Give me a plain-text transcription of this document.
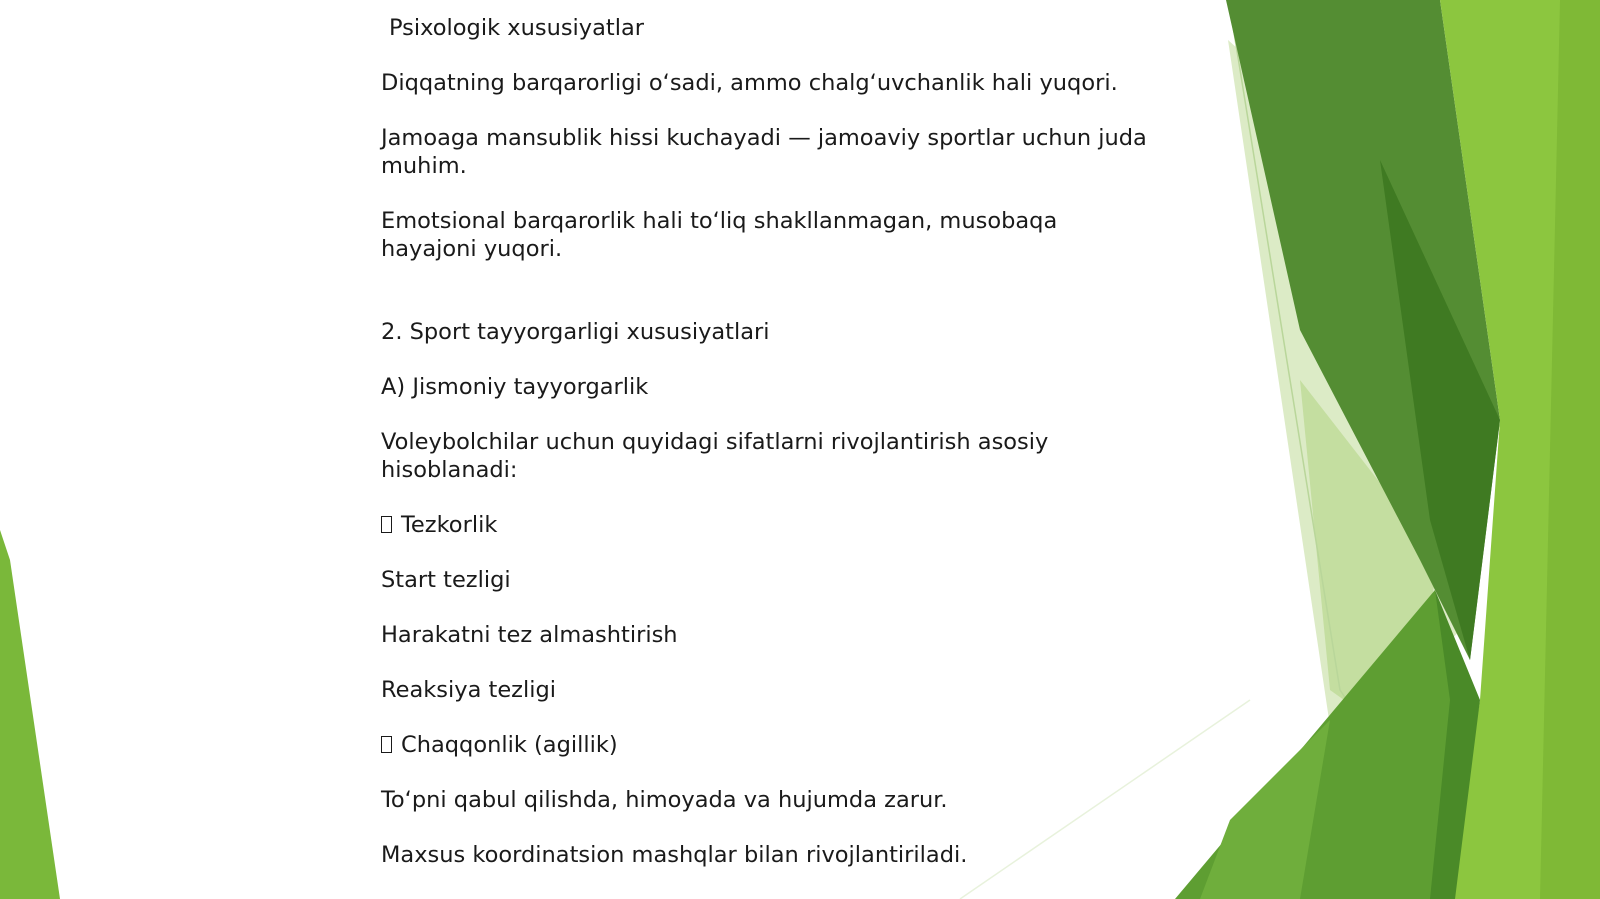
Psixologik xususiyatlar

Diqqatning barqarorligi o‘sadi, ammo chalg‘uvchanlik hali yuqori.

Jamoaga mansublik hissi kuchayadi — jamoaviy sportlar uchun juda muhim.

Emotsional barqarorlik hali to‘liq shakllanmagan, musobaqa hayajoni yuqori.

2. Sport tayyorgarligi xususiyatlari

A) Jismoniy tayyorgarlik

Voleybolchilar uchun quyidagi sifatlarni rivojlantirish asosiy hisoblanadi:

Tezkorlik

Start tezligi

Harakatni tez almashtirish

Reaksiya tezligi

Chaqqonlik (agillik)

To‘pni qabul qilishda, himoyada va hujumda zarur.

Maxsus koordinatsion mashqlar bilan rivojlantiriladi.
